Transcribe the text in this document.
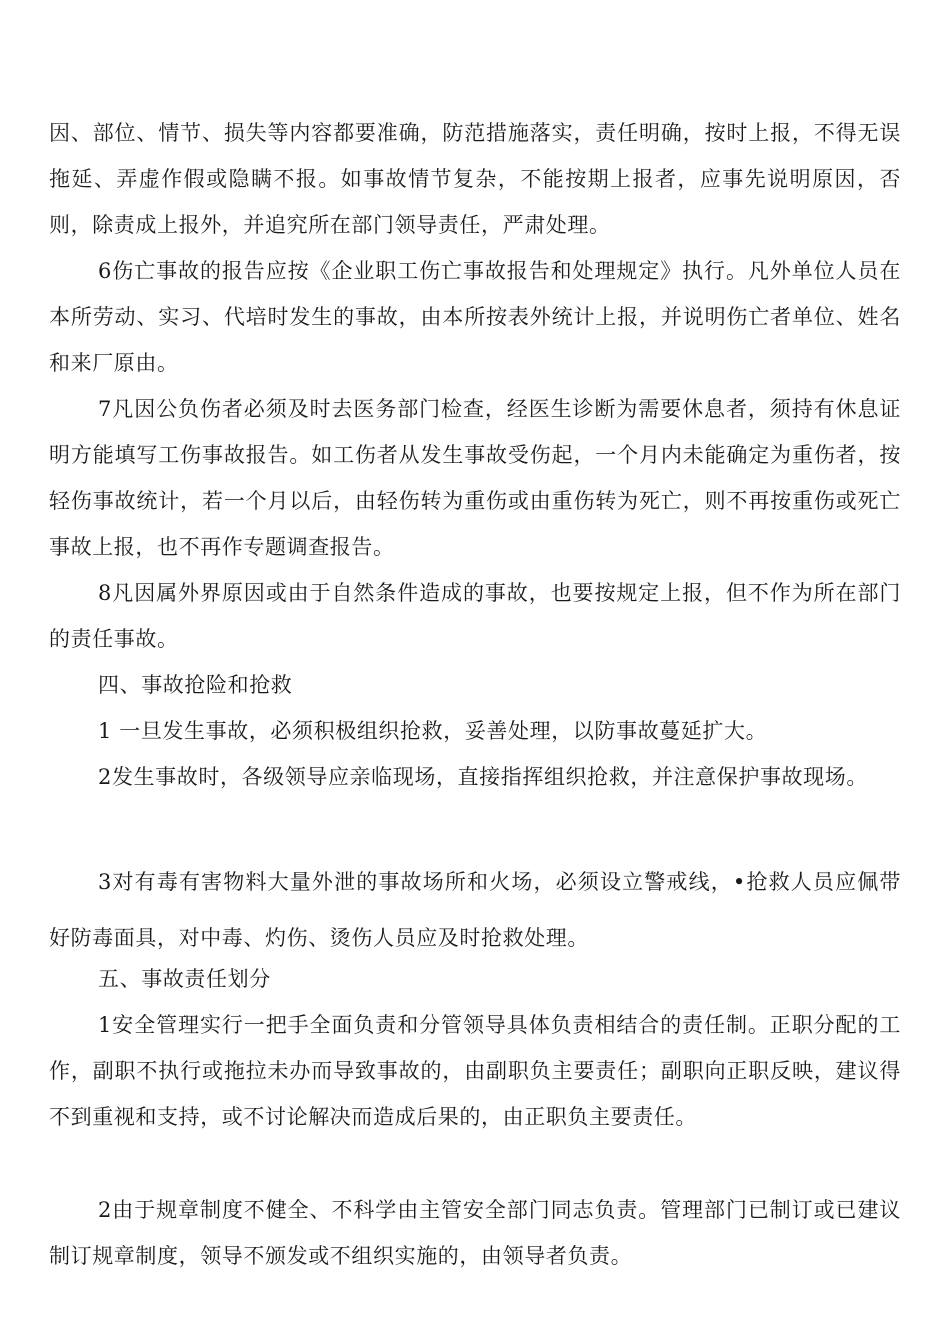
因、部位、情节、损失等内容都要准确，防范措施落实，责任明确，按时上报，不得无误拖延、弄虚作假或隐瞒不报。如事故情节复杂，不能按期上报者，应事先说明原因，否则，除责成上报外，并追究所在部门领导责任，严肃处理。

6伤亡事故的报告应按《企业职工伤亡事故报告和处理规定》执行。凡外单位人员在本所劳动、实习、代培时发生的事故，由本所按表外统计上报，并说明伤亡者单位、姓名和来厂原由。

7凡因公负伤者必须及时去医务部门检查，经医生诊断为需要休息者，须持有休息证明方能填写工伤事故报告。如工伤者从发生事故受伤起，一个月内未能确定为重伤者，按轻伤事故统计，若一个月以后，由轻伤转为重伤或由重伤转为死亡，则不再按重伤或死亡事故上报，也不再作专题调查报告。

8凡因属外界原因或由于自然条件造成的事故，也要按规定上报，但不作为所在部门的责任事故。

四、事故抢险和抢救

1 一旦发生事故，必须积极组织抢救，妥善处理，以防事故蔓延扩大。

2发生事故时，各级领导应亲临现场，直接指挥组织抢救，并注意保护事故现场。

3对有毒有害物料大量外泄的事故场所和火场，必须设立警戒线，•抢救人员应佩带好防毒面具，对中毒、灼伤、烫伤人员应及时抢救处理。

五、事故责任划分

1安全管理实行一把手全面负责和分管领导具体负责相结合的责任制。正职分配的工作，副职不执行或拖拉未办而导致事故的，由副职负主要责任；副职向正职反映，建议得不到重视和支持，或不讨论解决而造成后果的，由正职负主要责任。

2由于规章制度不健全、不科学由主管安全部门同志负责。管理部门已制订或已建议制订规章制度，领导不颁发或不组织实施的，由领导者负责。
